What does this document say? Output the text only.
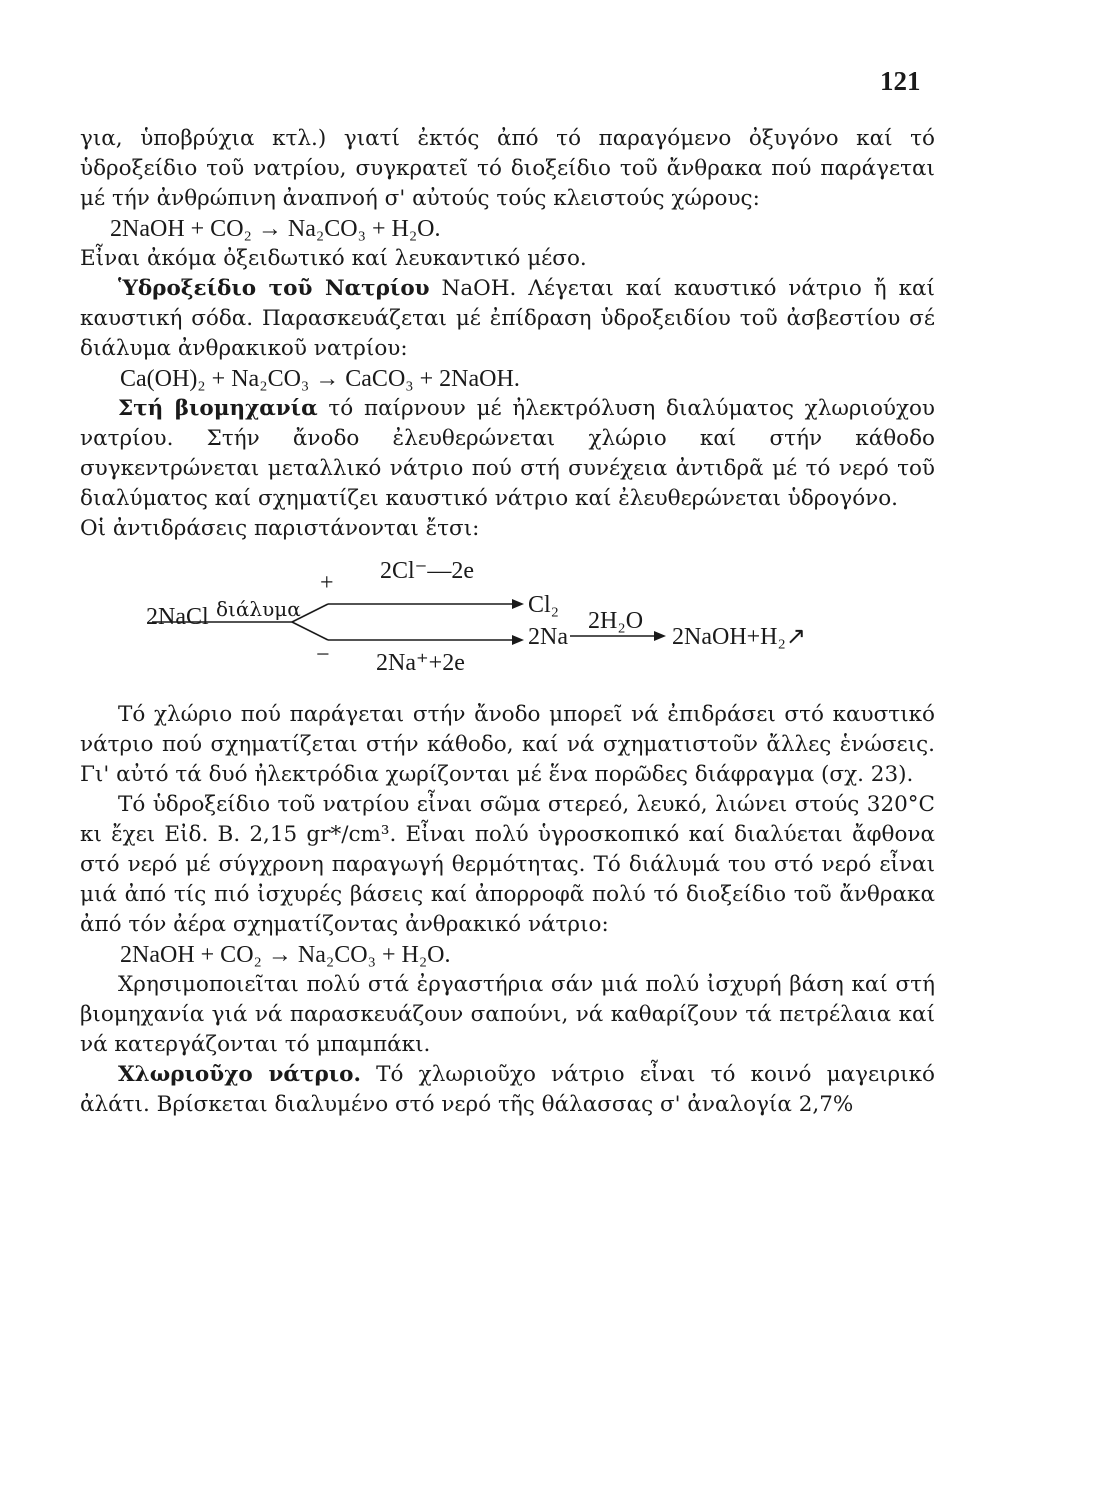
121

για, ὑποβρύχια κτλ.) γιατί ἐκτός ἀπό τό παραγόμενο ὀξυγόνο καί τό ὑδροξείδιο τοῦ νατρίου, συγκρατεῖ τό διοξείδιο τοῦ ἄνθρακα πού παράγεται μέ τήν ἀνθρώπινη ἀναπνοή σ' αὐτούς τούς κλειστούς χώρους:

2NaOH + CO₂ → Na₂CO₃ + H₂O.

Εἶναι ἀκόμα ὀξειδωτικό καί λευκαντικό μέσο.

Ὑδροξείδιο τοῦ Νατρίου NaOH. Λέγεται καί καυστικό νάτριο ἤ καί καυστική σόδα. Παρασκευάζεται μέ ἐπίδραση ὑδροξειδίου τοῦ ἀσβεστίου σέ διάλυμα ἀνθρακικοῦ νατρίου:

Ca(OH)₂ + Na₂CO₃ → CaCO₃ + 2NaOH.

Στή βιομηχανία τό παίρνουν μέ ἠλεκτρόλυση διαλύματος χλωριούχου νατρίου. Στήν ἄνοδο ἐλευθερώνεται χλώριο καί στήν κάθοδο συγκεντρώνεται μεταλλικό νάτριο πού στή συνέχεια ἀντιδρᾶ μέ τό νερό τοῦ διαλύματος καί σχηματίζει καυστικό νάτριο καί ἐλευθερώνεται ὑδρογόνο.

Οἱ ἀντιδράσεις παριστάνονται ἔτσι:

2NaCl διάλυμα
+
−
2Cl⁻—2e
2Na⁺+2e
Cl₂
2Na
2H₂O
2NaOH+H₂↗

Τό χλώριο πού παράγεται στήν ἄνοδο μπορεῖ νά ἐπιδράσει στό καυστικό νάτριο πού σχηματίζεται στήν κάθοδο, καί νά σχηματιστοῦν ἄλλες ἑνώσεις. Γι' αὐτό τά δυό ἠλεκτρόδια χωρίζονται μέ ἕνα πορῶδες διάφραγμα (σχ. 23).

Τό ὑδροξείδιο τοῦ νατρίου εἶναι σῶμα στερεό, λευκό, λιώνει στούς 320°C κι ἔχει Εἰδ. Β. 2,15 gr*/cm³. Εἶναι πολύ ὑγροσκοπικό καί διαλύεται ἄφθονα στό νερό μέ σύγχρονη παραγωγή θερμότητας. Τό διάλυμά του στό νερό εἶναι μιά ἀπό τίς πιό ἰσχυρές βάσεις καί ἀπορροφᾶ πολύ τό διοξείδιο τοῦ ἄνθρακα ἀπό τόν ἀέρα σχηματίζοντας ἀνθρακικό νάτριο:

2NaOH + CO₂ → Na₂CO₃ + H₂O.

Χρησιμοποιεῖται πολύ στά ἐργαστήρια σάν μιά πολύ ἰσχυρή βάση καί στή βιομηχανία γιά νά παρασκευάζουν σαπούνι, νά καθαρίζουν τά πετρέλαια καί νά κατεργάζονται τό μπαμπάκι.

Χλωριοῦχο νάτριο. Τό χλωριοῦχο νάτριο εἶναι τό κοινό μαγειρικό ἀλάτι. Βρίσκεται διαλυμένο στό νερό τῆς θάλασσας σ' ἀναλογία 2,7%
